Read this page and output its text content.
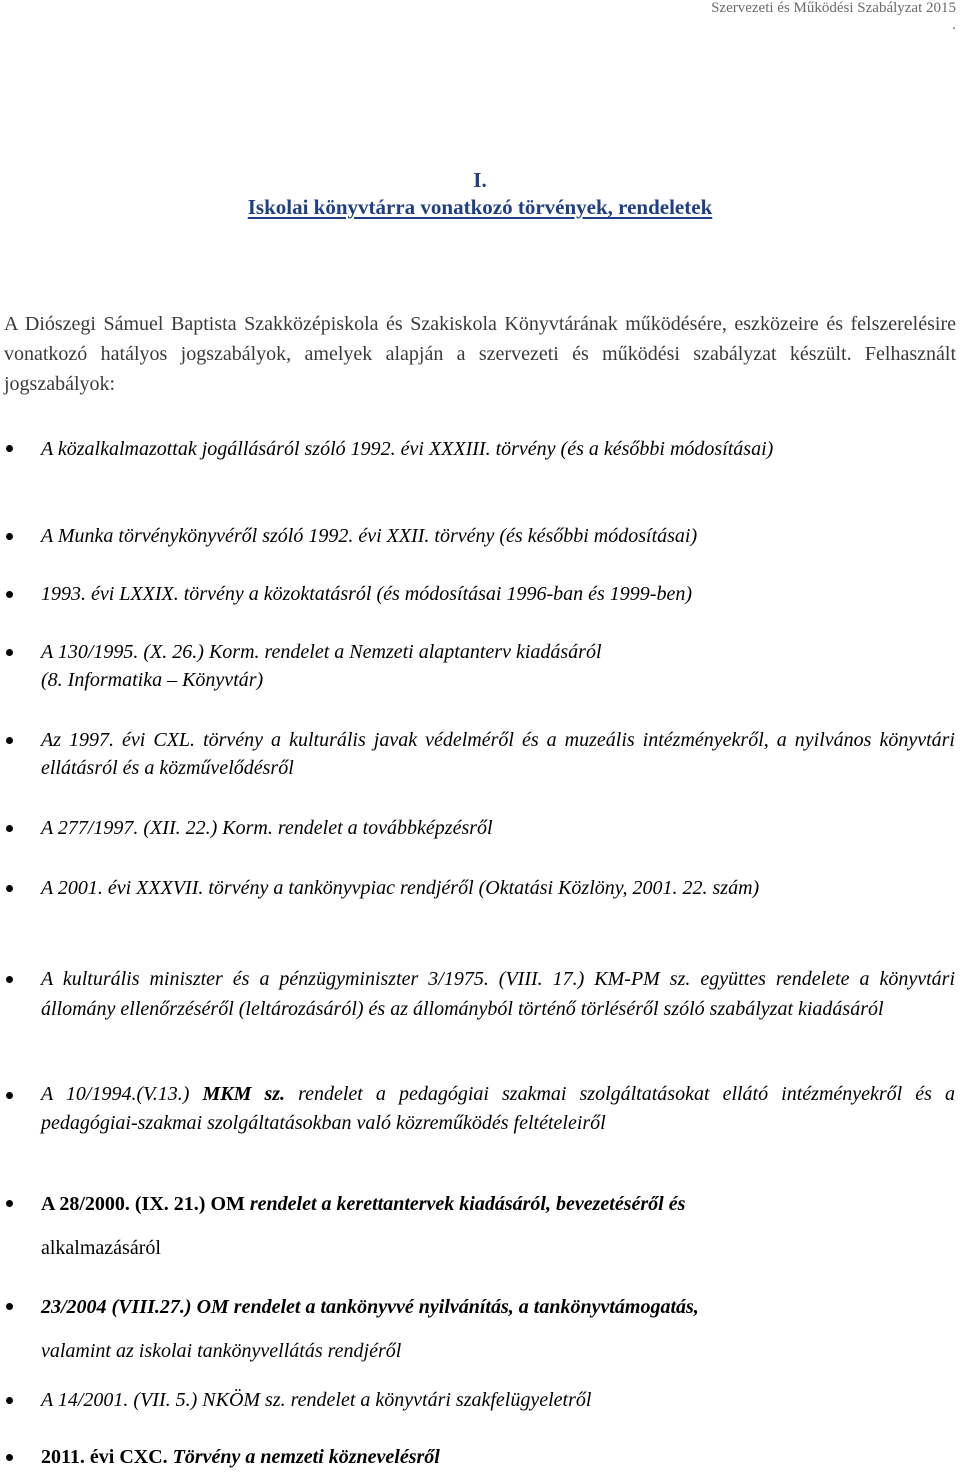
Szervezeti és Működési Szabályzat 2015
.
I.
Iskolai könyvtárra vonatkozó törvények, rendeletek
A Diószegi Sámuel Baptista Szakközépiskola és Szakiskola Könyvtárának működésére, eszközeire és felszerelésire vonatkozó hatályos jogszabályok, amelyek alapján a szervezeti és működési szabályzat készült. Felhasznált jogszabályok:
A közalkalmazottak jogállásáról szóló 1992. évi XXXIII. törvény (és a későbbi módosításai)
A Munka törvénykönyvéről szóló 1992. évi XXII. törvény (és későbbi módosításai)
1993. évi LXXIX. törvény a közoktatásról (és módosításai 1996-ban és 1999-ben)
A 130/1995. (X. 26.) Korm. rendelet a Nemzeti alaptanterv kiadásáról
(8. Informatika – Könyvtár)
Az 1997. évi CXL. törvény a kulturális javak védelméről és a muzeális intézményekről, a nyilvános könyvtári ellátásról és a közművelődésről
A 277/1997. (XII. 22.) Korm. rendelet a továbbképzésről
A 2001. évi XXXVII. törvény a tankönyvpiac rendjéről (Oktatási Közlöny, 2001. 22. szám)
A kulturális miniszter és a pénzügyminiszter 3/1975. (VIII. 17.) KM-PM sz. együttes rendelete a könyvtári állomány ellenőrzéséről (leltározásáról) és az állományból történő törléséről szóló szabályzat kiadásáról
A 10/1994.(V.13.) MKM sz. rendelet a pedagógiai szakmai szolgáltatásokat ellátó intézményekről és a pedagógiai-szakmai szolgáltatásokban való közreműködés feltételeiről
A 28/2000. (IX. 21.) OM rendelet a kerettantervek kiadásáról, bevezetéséről és
alkalmazásáról
23/2004 (VIII.27.) OM rendelet a tankönyvvé nyilvánítás, a tankönyvtámogatás,
valamint az iskolai tankönyvellátás rendjéről
A 14/2001. (VII. 5.) NKÖM sz. rendelet a könyvtári szakfelügyeletről
2011. évi CXC. Törvény a nemzeti köznevelésről
